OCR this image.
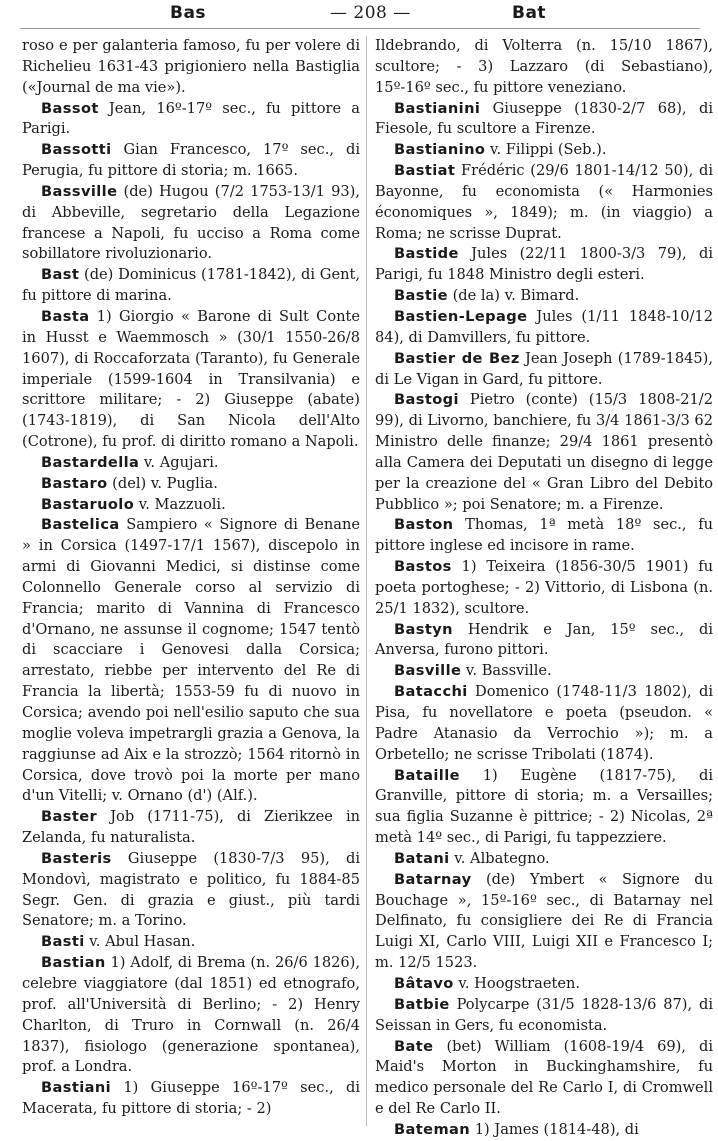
Bas	— 208 —	Bat

roso e per galanteria famoso, fu per volere di Richelieu 1631‑43 prigioniero nella Bastiglia («Journal de ma vie»).

Bassot Jean, 16º‑17º sec., fu pittore a Parigi.

Bassotti Gian Francesco, 17º sec., di Perugia, fu pittore di storia; m. 1665.

Bassville (de) Hugou (7/2 1753‑13/1 93), di Abbeville, segretario della Legazione francese a Napoli, fu ucciso a Roma come sobillatore rivoluzionario.

Bast (de) Dominicus (1781‑1842), di Gent, fu pittore di marina.

Basta 1) Giorgio « Barone di Sult Conte in Husst e Waemmosch » (30/1 1550‑26/8 1607), di Roccaforzata (Taranto), fu Generale imperiale (1599‑1604 in Transilvania) e scrittore militare; ‑ 2) Giuseppe (abate) (1743‑1819), di San Nicola dell'Alto (Cotrone), fu prof. di diritto romano a Napoli.

Bastardella v. Agujari.

Bastaro (del) v. Puglia.

Bastaruolo v. Mazzuoli.

Bastelica Sampiero « Signore di Benane » in Corsica (1497‑17/1 1567), discepolo in armi di Giovanni Medici, si distinse come Colonnello Generale corso al servizio di Francia; marito di Vannina di Francesco d'Ornano, ne assunse il cognome; 1547 tentò di scacciare i Genovesi dalla Corsica; arrestato, riebbe per intervento del Re di Francia la libertà; 1553‑59 fu di nuovo in Corsica; avendo poi nell'esilio saputo che sua moglie voleva impetrargli grazia a Genova, la raggiunse ad Aix e la strozzò; 1564 ritornò in Corsica, dove trovò poi la morte per mano d'un Vitelli; v. Ornano (d') (Alf.).

Baster Job (1711‑75), di Zierikzee in Zelanda, fu naturalista.

Basteris Giuseppe (1830‑7/3 95), di Mondovì, magistrato e politico, fu 1884‑85 Segr. Gen. di grazia e giust., più tardi Senatore; m. a Torino.

Basti v. Abul Hasan.

Bastian 1) Adolf, di Brema (n. 26/6 1826), celebre viaggiatore (dal 1851) ed etnografo, prof. all'Università di Berlino; ‑ 2) Henry Charlton, di Truro in Cornwall (n. 26/4 1837), fisiologo (generazione spontanea), prof. a Londra.

Bastiani 1) Giuseppe 16º‑17º sec., di Macerata, fu pittore di storia; ‑ 2)

Ildebrando, di Volterra (n. 15/10 1867), scultore; ‑ 3) Lazzaro (di Sebastiano), 15º‑16º sec., fu pittore veneziano.

Bastianini Giuseppe (1830‑2/7 68), di Fiesole, fu scultore a Firenze.

Bastianino v. Filippi (Seb.).

Bastiat Frédéric (29/6 1801‑14/12 50), di Bayonne, fu economista (« Harmonies économiques », 1849); m. (in viaggio) a Roma; ne scrisse Duprat.

Bastide Jules (22/11 1800‑3/3 79), di Parigi, fu 1848 Ministro degli esteri.

Bastie (de la) v. Bimard.

Bastien‑Lepage Jules (1/11 1848‑10/12 84), di Damvillers, fu pittore.

Bastier de Bez Jean Joseph (1789‑1845), di Le Vigan in Gard, fu pittore.

Bastogi Pietro (conte) (15/3 1808‑21/2 99), di Livorno, banchiere, fu 3/4 1861‑3/3 62 Ministro delle finanze; 29/4 1861 presentò alla Camera dei Deputati un disegno di legge per la creazione del « Gran Libro del Debito Pubblico »; poi Senatore; m. a Firenze.

Baston Thomas, 1ª metà 18º sec., fu pittore inglese ed incisore in rame.

Bastos 1) Teixeira (1856‑30/5 1901) fu poeta portoghese; ‑ 2) Vittorio, di Lisbona (n. 25/1 1832), scultore.

Bastyn Hendrik e Jan, 15º sec., di Anversa, furono pittori.

Basville v. Bassville.

Batacchi Domenico (1748‑11/3 1802), di Pisa, fu novellatore e poeta (pseudon. « Padre Atanasio da Verrochio »); m. a Orbetello; ne scrisse Tribolati (1874).

Bataille 1) Eugène (1817‑75), di Granville, pittore di storia; m. a Versailles; sua figlia Suzanne è pittrice; ‑ 2) Nicolas, 2ª metà 14º sec., di Parigi, fu tappezziere.

Batani v. Albategno.

Batarnay (de) Ymbert « Signore du Bouchage », 15º‑16º sec., di Batarnay nel Delfinato, fu consigliere dei Re di Francia Luigi XI, Carlo VIII, Luigi XII e Francesco I; m. 12/5 1523.

Bâtavo v. Hoogstraeten.

Batbie Polycarpe (31/5 1828‑13/6 87), di Seissan in Gers, fu economista.

Bate (bet) William (1608‑19/4 69), di Maid's Morton in Buckinghamshire, fu medico personale del Re Carlo I, di Cromwell e del Re Carlo II.

Bateman 1) James (1814‑48), di
